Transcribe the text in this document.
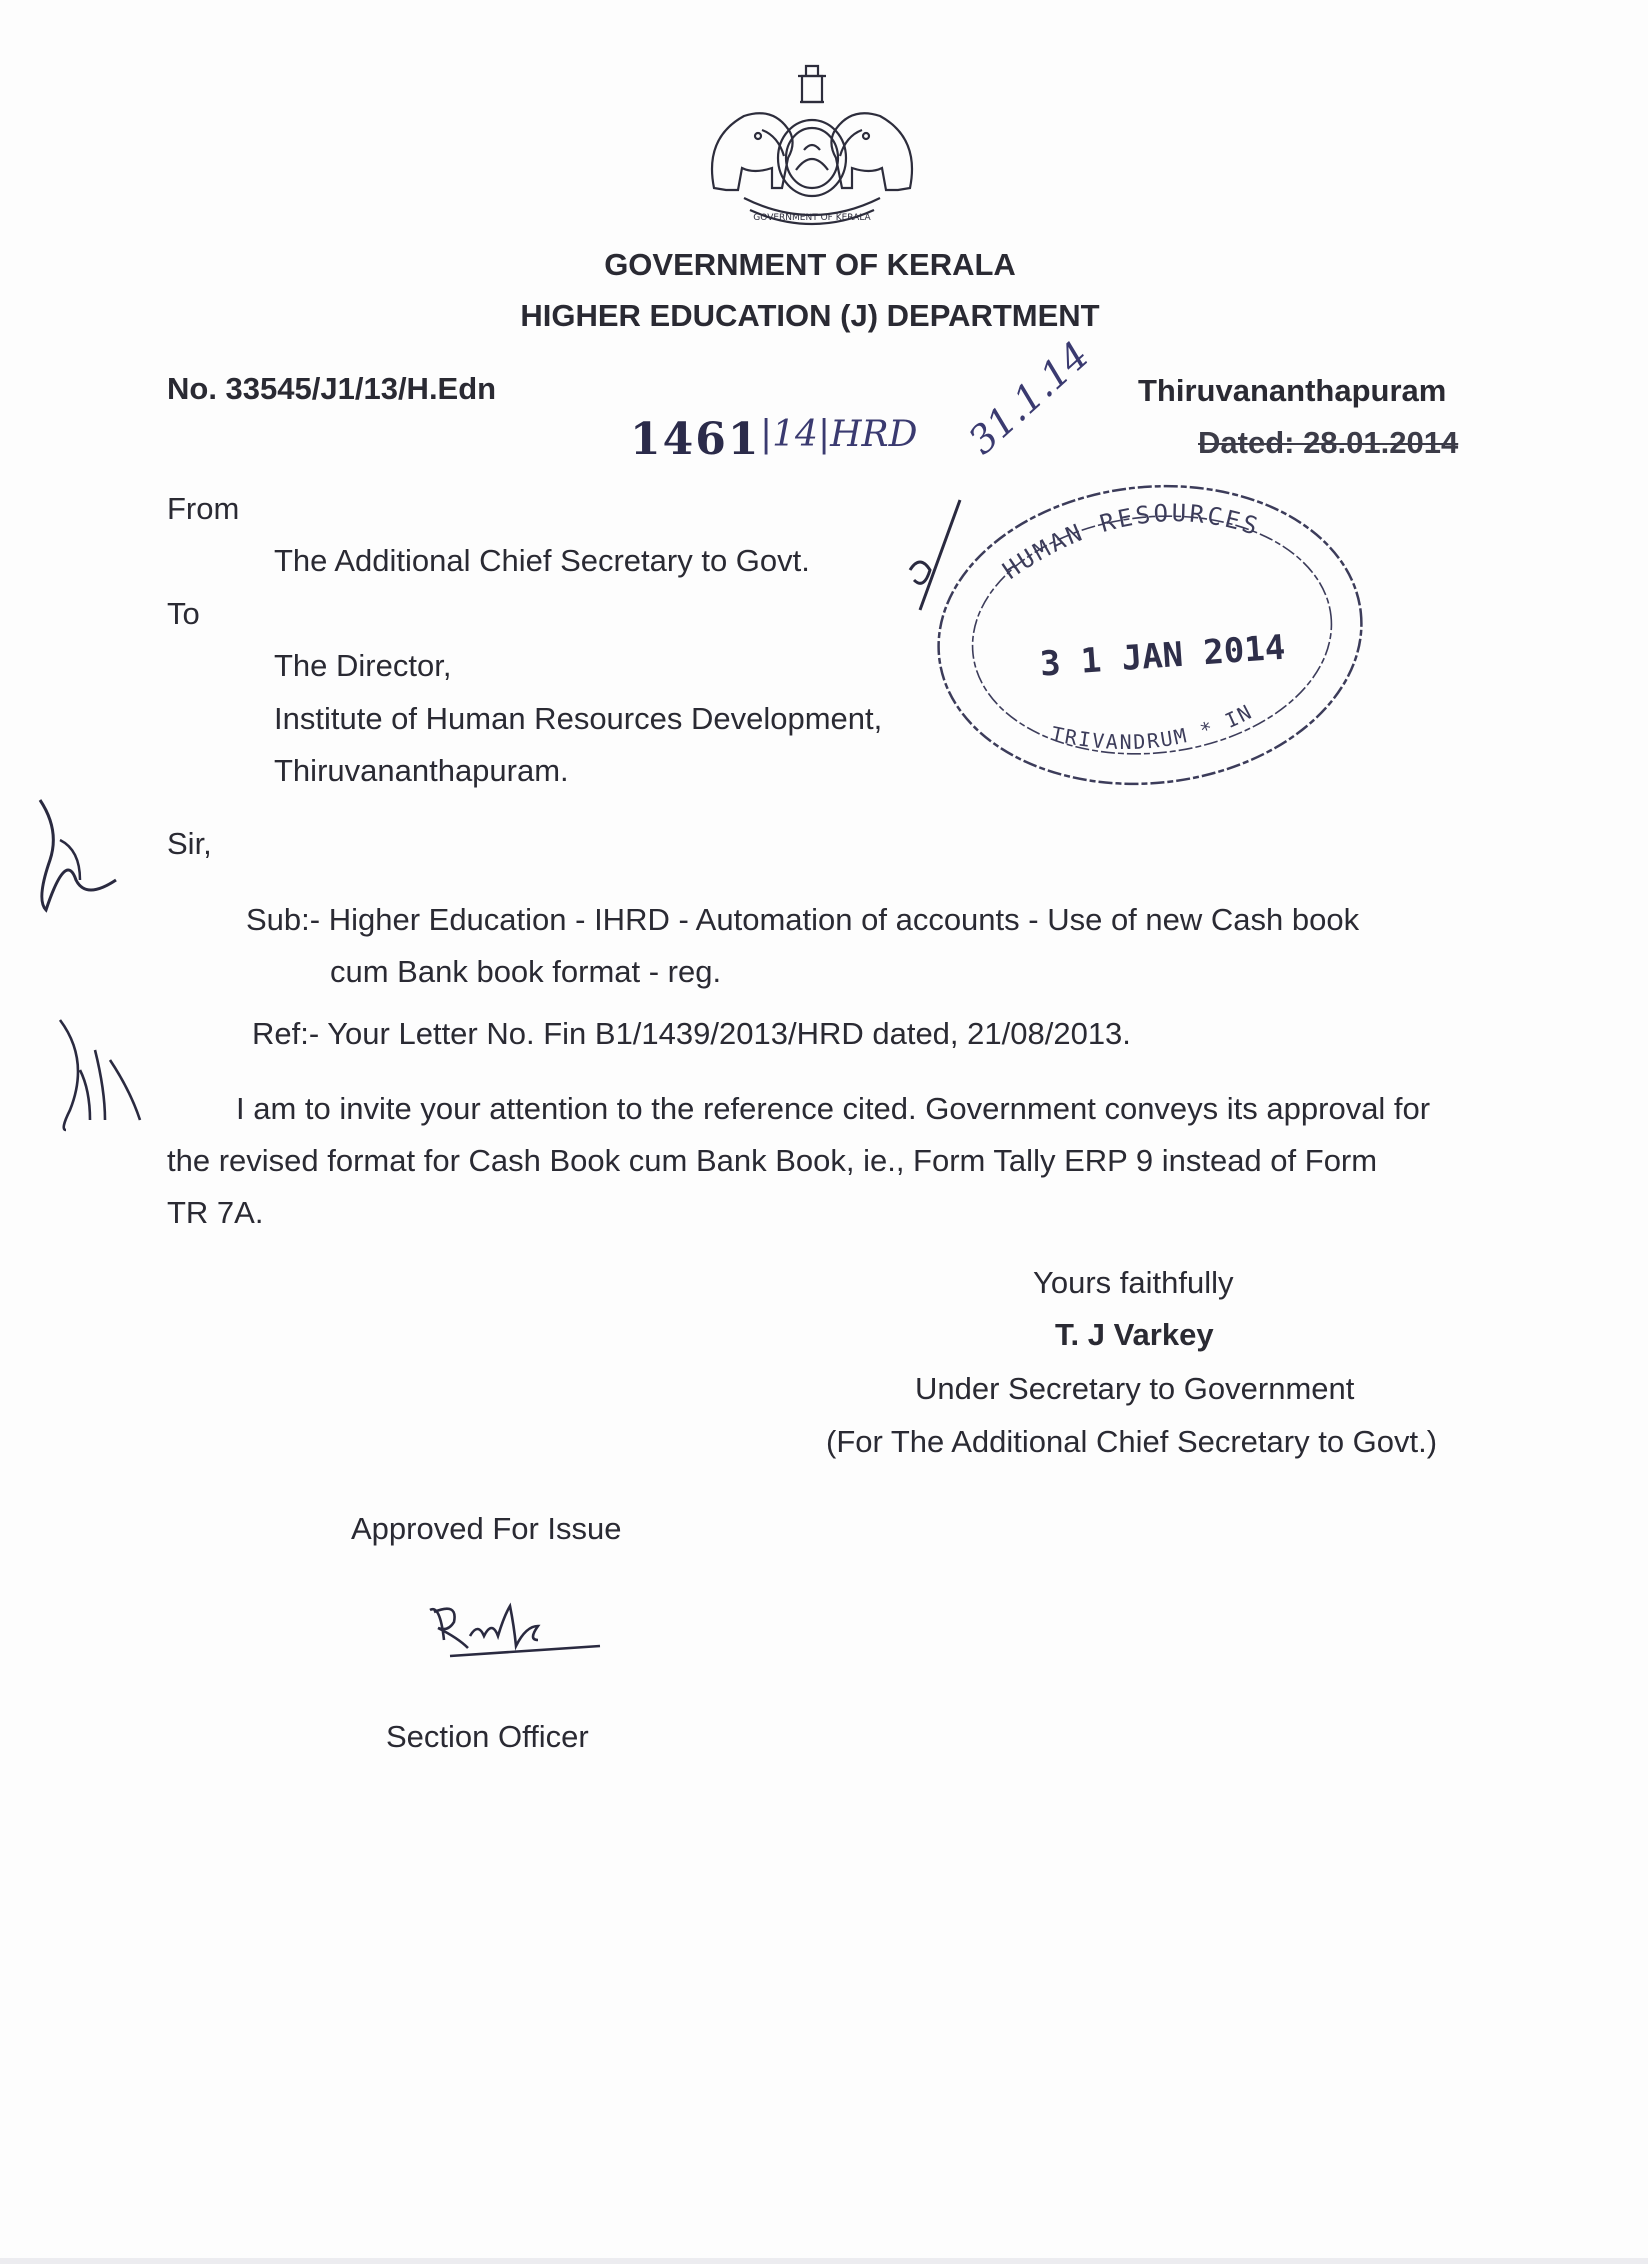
GOVERNMENT OF KERALA
GOVERNMENT OF KERALA
HIGHER EDUCATION (J) DEPARTMENT
No. 33545/J1/13/H.Edn	Thiruvananthapuram
Dated: 28.01.2014
1461 |14|HRD 31.1.14
HUMAN RESOURCES
TRIVANDRUM * IN
3 1 JAN 2014
From
The Additional Chief Secretary to Govt.
To
The Director,
Institute of Human Resources Development,
Thiruvananthapuram.
Sir,
Sub:- Higher Education - IHRD - Automation of accounts - Use of new Cash book
cum Bank book format - reg.
Ref:- Your Letter No. Fin B1/1439/2013/HRD dated, 21/08/2013.
I am to invite your attention to the reference cited. Government conveys its approval for
the revised format for Cash Book cum Bank Book, ie., Form Tally ERP 9 instead of Form
TR 7A.
Yours faithfully
T. J Varkey
Under Secretary to Government
(For The Additional Chief Secretary to Govt.)
Approved For Issue
Section Officer
